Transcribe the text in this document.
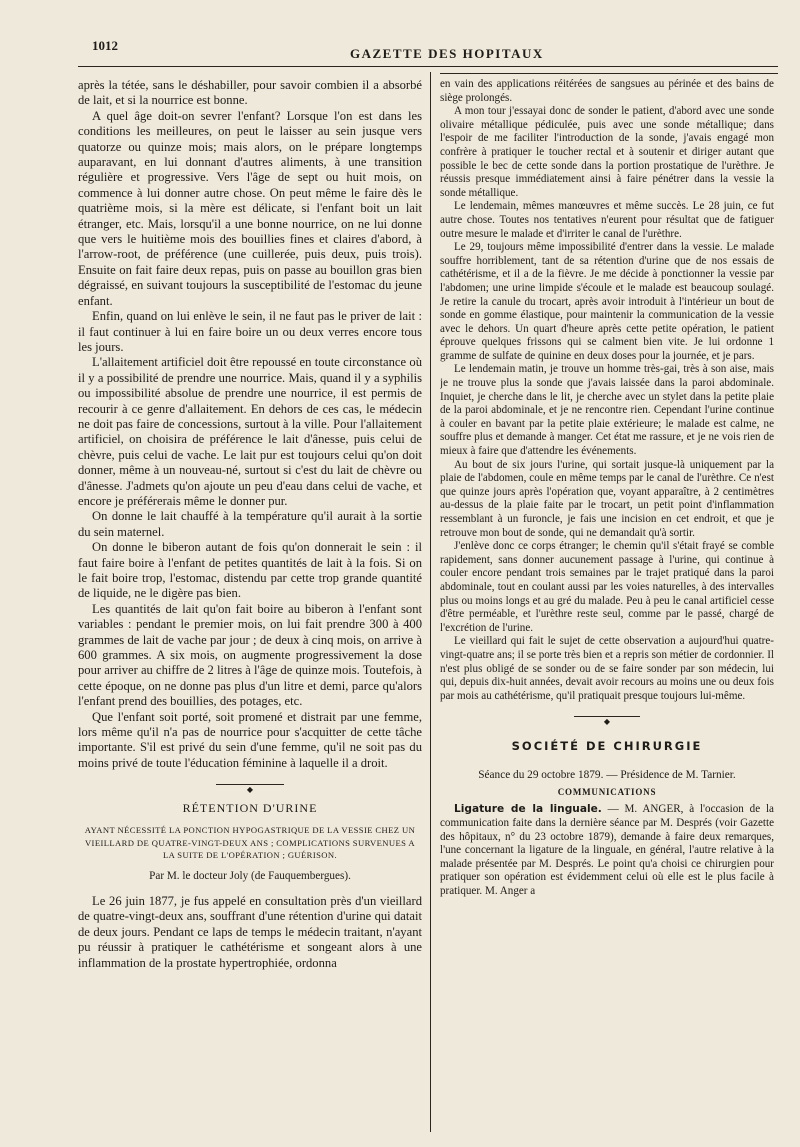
1012
GAZETTE DES HOPITAUX

après la tétée, sans le déshabiller, pour savoir combien il a absorbé de lait, et si la nourrice est bonne.

A quel âge doit-on sevrer l'enfant? Lorsque l'on est dans les conditions les meilleures, on peut le laisser au sein jusque vers quatorze ou quinze mois; mais alors, on le prépare longtemps auparavant, en lui donnant d'autres aliments, à une transition régulière et progressive. Vers l'âge de sept ou huit mois, on commence à lui donner autre chose. On peut même le faire dès le quatrième mois, si la mère est délicate, si l'enfant boit un lait étranger, etc. Mais, lorsqu'il a une bonne nourrice, on ne lui donne que vers le huitième mois des bouillies fines et claires d'abord, à l'arrow-root, de préférence (une cuillerée, puis deux, puis trois). Ensuite on fait faire deux repas, puis on passe au bouillon gras bien dégraissé, en suivant toujours la susceptibilité de l'estomac du jeune enfant.

Enfin, quand on lui enlève le sein, il ne faut pas le priver de lait : il faut continuer à lui en faire boire un ou deux verres encore tous les jours.

L'allaitement artificiel doit être repoussé en toute circonstance où il y a possibilité de prendre une nourrice. Mais, quand il y a syphilis ou impossibilité absolue de prendre une nourrice, il est permis de recourir à ce genre d'allaitement. En dehors de ces cas, le médecin ne doit pas faire de concessions, surtout à la ville. Pour l'allaitement artificiel, on choisira de préférence le lait d'ânesse, puis celui de chèvre, puis celui de vache. Le lait pur est toujours celui qu'on doit donner, même à un nouveau-né, surtout si c'est du lait de chèvre ou d'ânesse. J'admets qu'on ajoute un peu d'eau dans celui de vache, et encore je préférerais même le donner pur.

On donne le lait chauffé à la température qu'il aurait à la sortie du sein maternel.

On donne le biberon autant de fois qu'on donnerait le sein : il faut faire boire à l'enfant de petites quantités de lait à la fois. Si on le fait boire trop, l'estomac, distendu par cette trop grande quantité de liquide, ne le digère pas bien.

Les quantités de lait qu'on fait boire au biberon à l'enfant sont variables : pendant le premier mois, on lui fait prendre 300 à 400 grammes de lait de vache par jour ; de deux à cinq mois, on arrive à 600 grammes. A six mois, on augmente progressivement la dose pour arriver au chiffre de 2 litres à l'âge de quinze mois. Toutefois, à cette époque, on ne donne pas plus d'un litre et demi, parce qu'alors l'enfant prend des bouillies, des potages, etc.

Que l'enfant soit porté, soit promené et distrait par une femme, lors même qu'il n'a pas de nourrice pour s'acquitter de cette tâche importante. S'il est privé du sein d'une femme, qu'il ne soit pas du moins privé de toute l'éducation féminine à laquelle il a droit.

◆
RÉTENTION D'URINE
AYANT NÉCESSITÉ LA PONCTION HYPOGASTRIQUE DE LA VESSIE CHEZ UN VIEILLARD DE QUATRE-VINGT-DEUX ANS ; COMPLICATIONS SURVENUES A LA SUITE DE L'OPÉRATION ; GUÉRISON.
Par M. le docteur Joly (de Fauquembergues).

Le 26 juin 1877, je fus appelé en consultation près d'un vieillard de quatre-vingt-deux ans, souffrant d'une rétention d'urine qui datait de deux jours. Pendant ce laps de temps le médecin traitant, n'ayant pu réussir à pratiquer le cathétérisme et songeant alors à une inflammation de la prostate hypertrophiée, ordonna

en vain des applications réitérées de sangsues au périnée et des bains de siège prolongés.

A mon tour j'essayai donc de sonder le patient, d'abord avec une sonde olivaire métallique pédiculée, puis avec une sonde métallique; dans l'espoir de me faciliter l'introduction de la sonde, j'avais engagé mon confrère à pratiquer le toucher rectal et à soutenir et diriger autant que possible le bec de cette sonde dans la portion prostatique de l'urèthre. Je réussis presque immédiatement ainsi à faire pénétrer dans la vessie la sonde métallique.

Le lendemain, mêmes manœuvres et même succès. Le 28 juin, ce fut autre chose. Toutes nos tentatives n'eurent pour résultat que de fatiguer outre mesure le malade et d'irriter le canal de l'urèthre.

Le 29, toujours même impossibilité d'entrer dans la vessie. Le malade souffre horriblement, tant de sa rétention d'urine que de nos essais de cathétérisme, et il a de la fièvre. Je me décide à ponctionner la vessie par l'abdomen; une urine limpide s'écoule et le malade est beaucoup soulagé. Je retire la canule du trocart, après avoir introduit à l'intérieur un bout de sonde en gomme élastique, pour maintenir la communication de la vessie avec le dehors. Un quart d'heure après cette petite opération, le patient éprouve quelques frissons qui se calment bien vite. Je lui ordonne 1 gramme de sulfate de quinine en deux doses pour la journée, et je pars.

Le lendemain matin, je trouve un homme très-gai, très à son aise, mais je ne trouve plus la sonde que j'avais laissée dans la paroi abdominale. Inquiet, je cherche dans le lit, je cherche avec un stylet dans la petite plaie de la paroi abdominale, et je ne rencontre rien. Cependant l'urine continue à couler en bavant par la petite plaie extérieure; le malade est calme, ne souffre plus et demande à manger. Cet état me rassure, et je ne vois rien de mieux à faire que d'attendre les événements.

Au bout de six jours l'urine, qui sortait jusque-là uniquement par la plaie de l'abdomen, coule en même temps par le canal de l'urèthre. Ce n'est que quinze jours après l'opération que, voyant apparaître, à 2 centimètres au-dessus de la plaie faite par le trocart, un petit point d'inflammation ressemblant à un furoncle, je fais une incision en cet endroit, et que je retrouve mon bout de sonde, qui ne demandait qu'à sortir.

J'enlève donc ce corps étranger; le chemin qu'il s'était frayé se comble rapidement, sans donner aucunement passage à l'urine, qui continue à couler encore pendant trois semaines par le trajet pratiqué dans la paroi abdominale, tout en coulant aussi par les voies naturelles, à des intervalles plus ou moins longs et au gré du malade. Peu à peu le canal artificiel cesse d'être perméable, et l'urèthre reste seul, comme par le passé, chargé de l'excrétion de l'urine.

Le vieillard qui fait le sujet de cette observation a aujourd'hui quatre-vingt-quatre ans; il se porte très bien et a repris son métier de cordonnier. Il n'est plus obligé de se sonder ou de se faire sonder par son médecin, lui qui, depuis dix-huit années, devait avoir recours au moins une ou deux fois par mois au cathétérisme, qu'il pratiquait presque toujours lui-même.

◆
SOCIÉTÉ DE CHIRURGIE
Séance du 29 octobre 1879. — Présidence de M. Tarnier.
COMMUNICATIONS

Ligature de la linguale. — M. ANGER, à l'occasion de la communication faite dans la dernière séance par M. Després (voir Gazette des hôpitaux, n° du 23 octobre 1879), demande à faire deux remarques, l'une concernant la ligature de la linguale, en général, l'autre relative à la malade présentée par M. Després. Le point qu'a choisi ce chirurgien pour pratiquer son opération est évidemment celui où elle est le plus facile à pratiquer. M. Anger a
